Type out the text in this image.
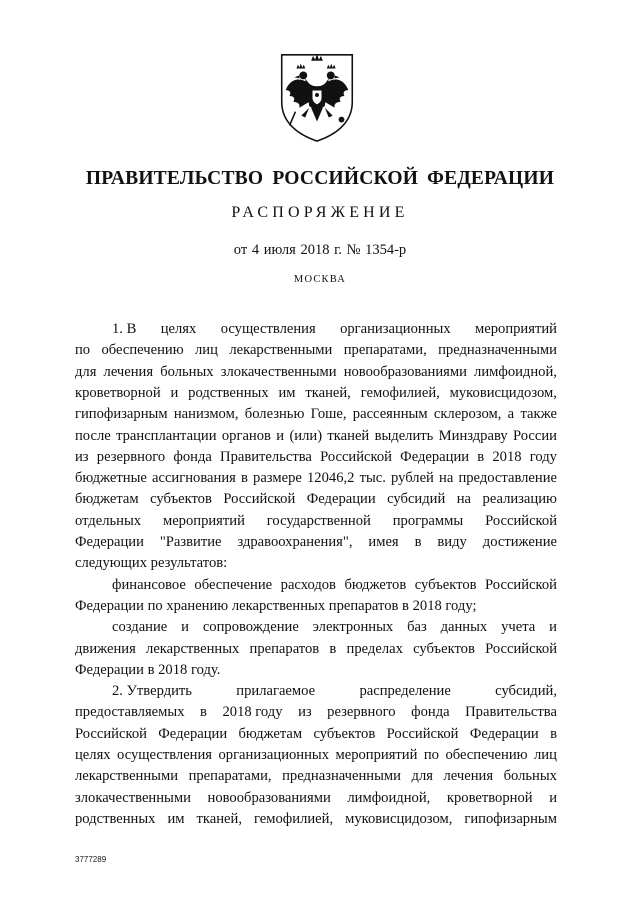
ПРАВИТЕЛЬСТВО РОССИЙСКОЙ ФЕДЕРАЦИИ
РАСПОРЯЖЕНИЕ
от 4 июля 2018 г. № 1354-р
МОСКВА
1. В целях осуществления организационных мероприятий
по обеспечению лиц лекарственными препаратами, предназначенными
для лечения больных злокачественными новообразованиями лимфоидной,
кроветворной и родственных им тканей, гемофилией, муковисцидозом,
гипофизарным нанизмом, болезнью Гоше, рассеянным склерозом, а также
после трансплантации органов и (или) тканей выделить Минздраву России
из резервного фонда Правительства Российской Федерации в 2018 году
бюджетные ассигнования в размере 12046,2 тыс. рублей на предоставление
бюджетам субъектов Российской Федерации субсидий на реализацию
отдельных мероприятий государственной программы Российской
Федерации "Развитие здравоохранения", имея в виду достижение
следующих результатов:
финансовое обеспечение расходов бюджетов субъектов Российской
Федерации по хранению лекарственных препаратов в 2018 году;
создание и сопровождение электронных баз данных учета и
движения лекарственных препаратов в пределах субъектов Российской
Федерации в 2018 году.
2. Утвердить	прилагаемое	распределение	субсидий,
предоставляемых в 2018 году из резервного фонда Правительства
Российской Федерации бюджетам субъектов Российской Федерации в
целях осуществления организационных мероприятий по обеспечению лиц
лекарственными препаратами, предназначенными для лечения больных
злокачественными новообразованиями лимфоидной, кроветворной и
родственных им тканей, гемофилией, муковисцидозом, гипофизарным
3777289
